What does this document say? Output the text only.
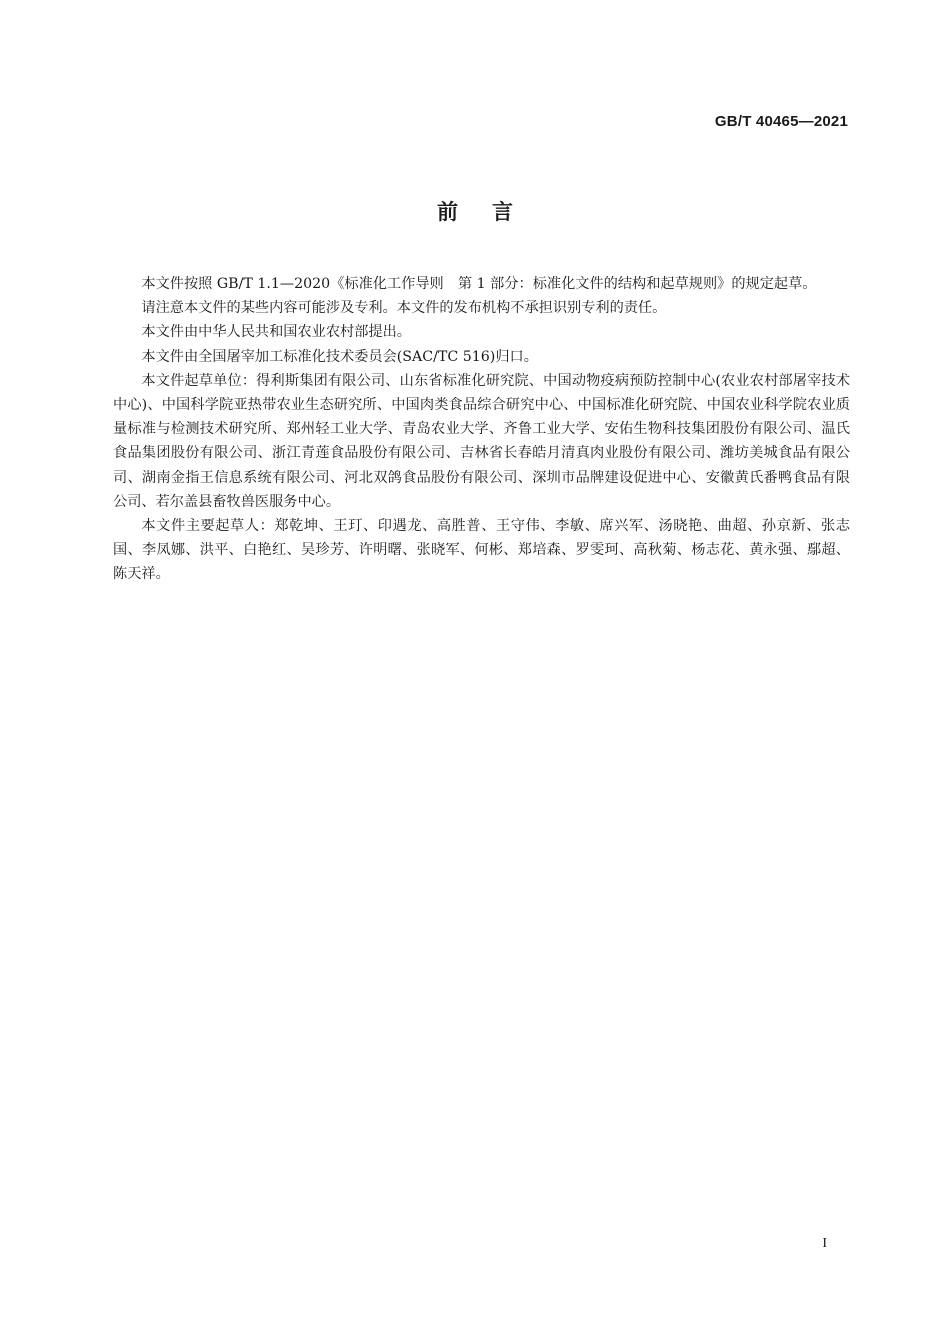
GB/T 40465—2021
前言

本文件按照 GB/T 1.1—2020《标准化工作导则　第 1 部分：标准化文件的结构和起草规则》的规定起草。

请注意本文件的某些内容可能涉及专利。本文件的发布机构不承担识别专利的责任。

本文件由中华人民共和国农业农村部提出。

本文件由全国屠宰加工标准化技术委员会(SAC/TC 516)归口。

本文件起草单位：得利斯集团有限公司、山东省标准化研究院、中国动物疫病预防控制中心(农业农村部屠宰技术中心)、中国科学院亚热带农业生态研究所、中国肉类食品综合研究中心、中国标准化研究院、中国农业科学院农业质量标准与检测技术研究所、郑州轻工业大学、青岛农业大学、齐鲁工业大学、安佑生物科技集团股份有限公司、温氏食品集团股份有限公司、浙江青莲食品股份有限公司、吉林省长春皓月清真肉业股份有限公司、潍坊美城食品有限公司、湖南金指王信息系统有限公司、河北双鸽食品股份有限公司、深圳市品牌建设促进中心、安徽黄氏番鸭食品有限公司、若尔盖县畜牧兽医服务中心。

本文件主要起草人：郑乾坤、王玎、印遇龙、高胜普、王守伟、李敏、席兴军、汤晓艳、曲超、孙京新、张志国、李凤娜、洪平、白艳红、吴珍芳、许明曙、张晓军、何彬、郑培森、罗雯珂、高秋菊、杨志花、黄永强、鄢超、陈天祥。

I
